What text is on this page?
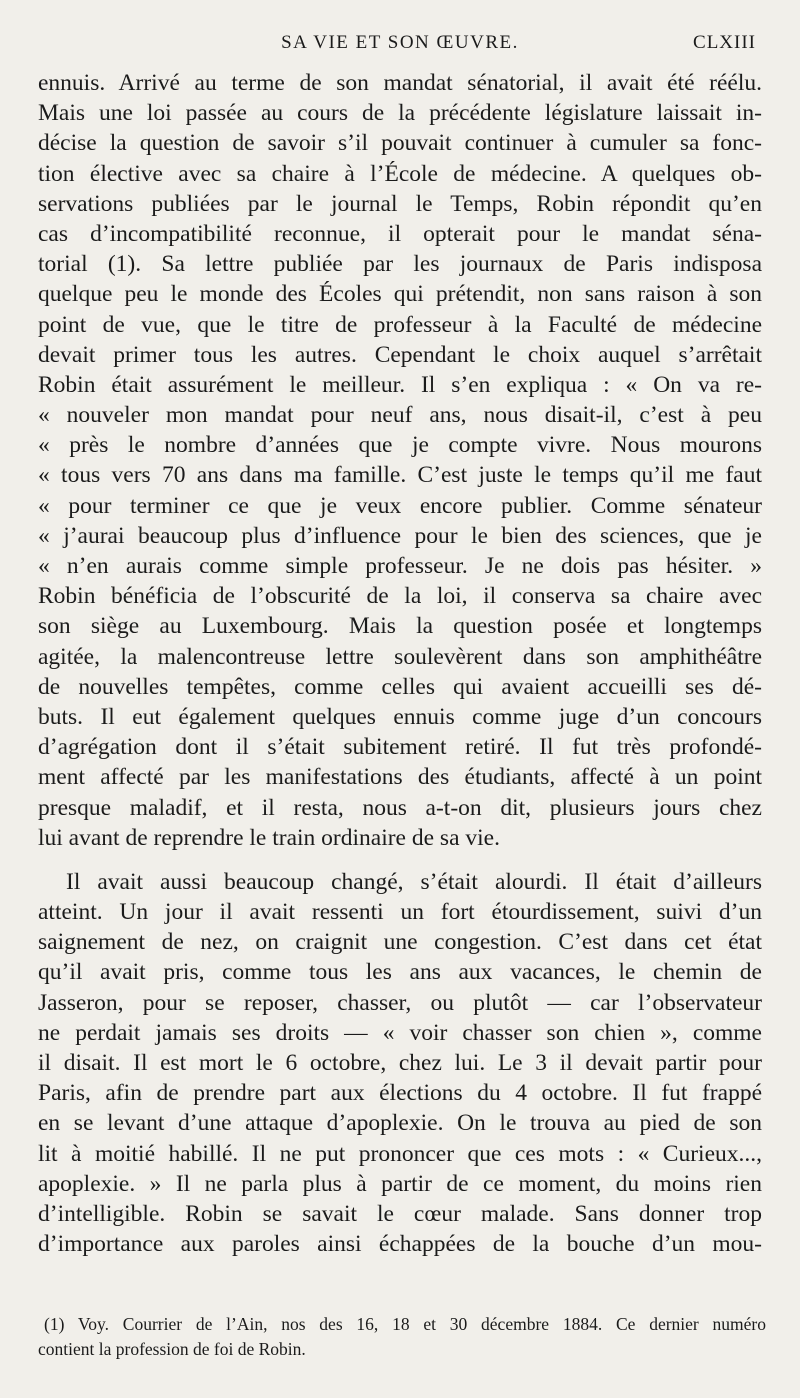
SA VIE ET SON ŒUVRE.	CLXIII
ennuis. Arrivé au terme de son mandat sénatorial, il avait été réélu.
Mais une loi passée au cours de la précédente législature laissait in-
décise la question de savoir s’il pouvait continuer à cumuler sa fonc-
tion élective avec sa chaire à l’École de médecine. A quelques ob-
servations publiées par le journal le Temps, Robin répondit qu’en
cas d’incompatibilité reconnue, il opterait pour le mandat séna-
torial (1). Sa lettre publiée par les journaux de Paris indisposa
quelque peu le monde des Écoles qui prétendit, non sans raison à son
point de vue, que le titre de professeur à la Faculté de médecine
devait primer tous les autres. Cependant le choix auquel s’arrêtait
Robin était assurément le meilleur. Il s’en expliqua : « On va re-
« nouveler mon mandat pour neuf ans, nous disait-il, c’est à peu
« près le nombre d’années que je compte vivre. Nous mourons
« tous vers 70 ans dans ma famille. C’est juste le temps qu’il me faut
« pour terminer ce que je veux encore publier. Comme sénateur
« j’aurai beaucoup plus d’influence pour le bien des sciences, que je
« n’en aurais comme simple professeur. Je ne dois pas hésiter. »
Robin bénéficia de l’obscurité de la loi, il conserva sa chaire avec
son siège au Luxembourg. Mais la question posée et longtemps
agitée, la malencontreuse lettre soulevèrent dans son amphithéâtre
de nouvelles tempêtes, comme celles qui avaient accueilli ses dé-
buts. Il eut également quelques ennuis comme juge d’un concours
d’agrégation dont il s’était subitement retiré. Il fut très profondé-
ment affecté par les manifestations des étudiants, affecté à un point
presque maladif, et il resta, nous a-t-on dit, plusieurs jours chez
lui avant de reprendre le train ordinaire de sa vie.
Il avait aussi beaucoup changé, s’était alourdi. Il était d’ailleurs
atteint. Un jour il avait ressenti un fort étourdissement, suivi d’un
saignement de nez, on craignit une congestion. C’est dans cet état
qu’il avait pris, comme tous les ans aux vacances, le chemin de
Jasseron, pour se reposer, chasser, ou plutôt — car l’observateur
ne perdait jamais ses droits — « voir chasser son chien », comme
il disait. Il est mort le 6 octobre, chez lui. Le 3 il devait partir pour
Paris, afin de prendre part aux élections du 4 octobre. Il fut frappé
en se levant d’une attaque d’apoplexie. On le trouva au pied de son
lit à moitié habillé. Il ne put prononcer que ces mots : « Curieux...,
apoplexie. » Il ne parla plus à partir de ce moment, du moins rien
d’intelligible. Robin se savait le cœur malade. Sans donner trop
d’importance aux paroles ainsi échappées de la bouche d’un mou-
(1) Voy. Courrier de l’Ain, nos des 16, 18 et 30 décembre 1884. Ce dernier numéro
contient la profession de foi de Robin.
